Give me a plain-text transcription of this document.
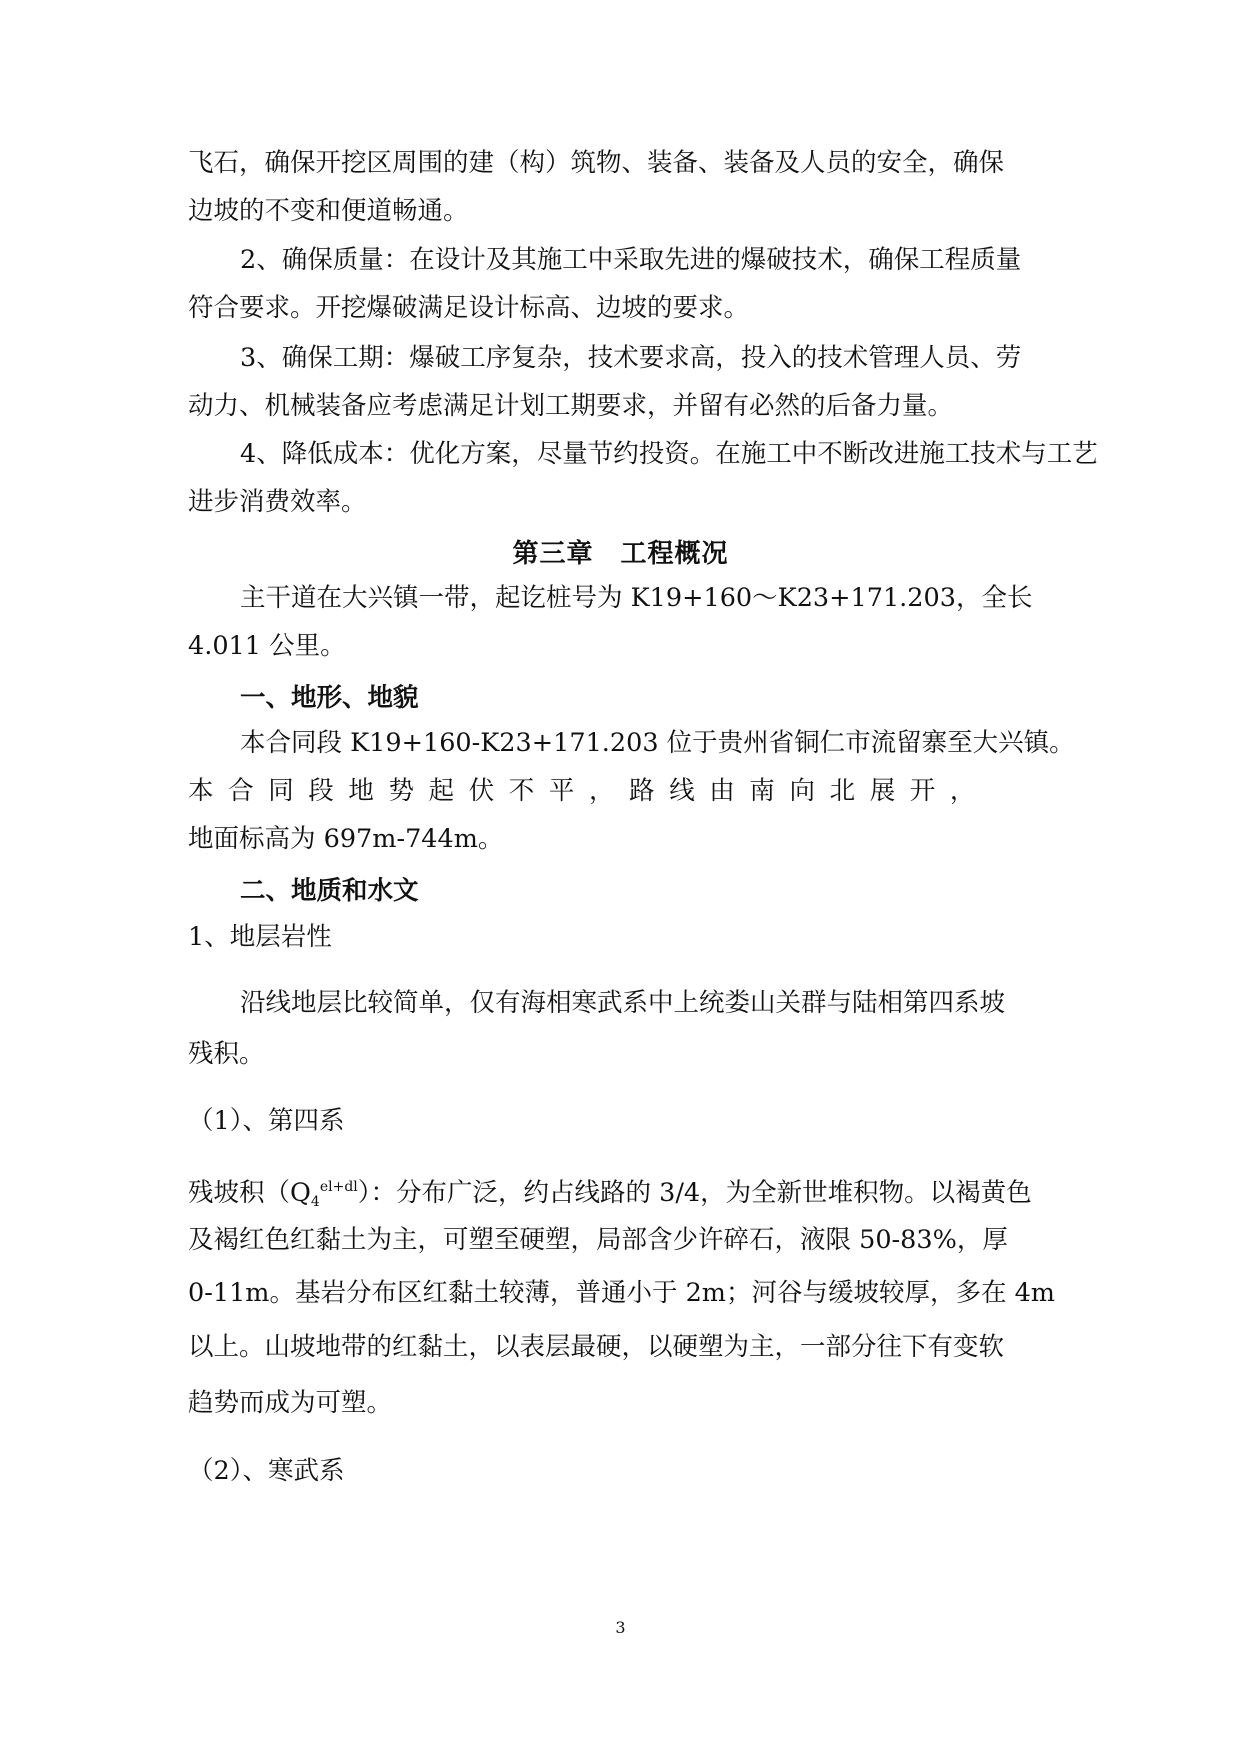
飞石，确保开挖区周围的建（构）筑物、装备、装备及人员的安全，确保
边坡的不变和便道畅通。
2、确保质量：在设计及其施工中采取先进的爆破技术，确保工程质量
符合要求。开挖爆破满足设计标高、边坡的要求。
3、确保工期：爆破工序复杂，技术要求高，投入的技术管理人员、劳
动力、机械装备应考虑满足计划工期要求，并留有必然的后备力量。
4、降低成本：优化方案，尽量节约投资。在施工中不断改进施工技术与工艺
进步消费效率。
第三章　工程概况
主干道在大兴镇一带，起讫桩号为 K19+160～K23+171.203，全长
4.011 公里。
一、地形、地貌
本合同段 K19+160-K23+171.203 位于贵州省铜仁市流留寨至大兴镇。
本合同段地势起伏不平，路线由南向北展开，
地面标高为 697m-744m。
二、地质和水文
1、地层岩性
沿线地层比较简单，仅有海相寒武系中上统娄山关群与陆相第四系坡
残积。
（1）、第四系
残坡积$(Q_4^{el+dl})$：分布广泛，约占线路的 3/4，为全新世堆积物。以褐黄色
及褐红色红黏土为主，可塑至硬塑，局部含少许碎石，液限 50-83%，厚
0-11m。基岩分布区红黏土较薄，普通小于 2m；河谷与缓坡较厚，多在 4m
以上。山坡地带的红黏土，以表层最硬，以硬塑为主，一部分往下有变软
趋势而成为可塑。
（2）、寒武系
3
